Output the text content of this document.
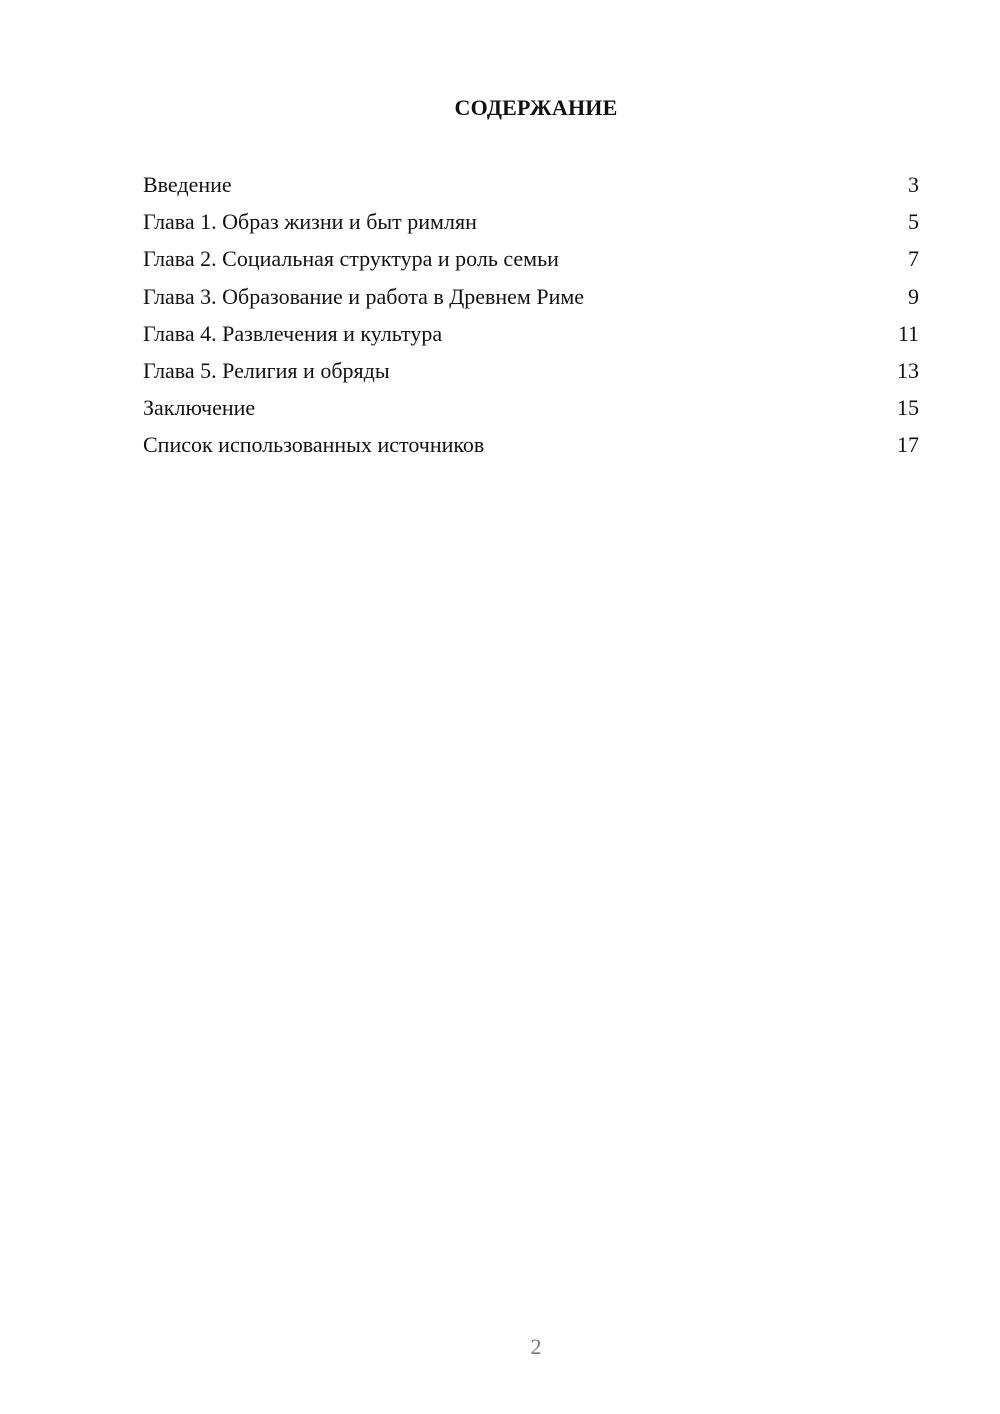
СОДЕРЖАНИЕ
Введение	3
Глава 1. Образ жизни и быт римлян	5
Глава 2. Социальная структура и роль семьи	7
Глава 3. Образование и работа в Древнем Риме	9
Глава 4. Развлечения и культура	11
Глава 5. Религия и обряды	13
Заключение	15
Список использованных источников	17
2
